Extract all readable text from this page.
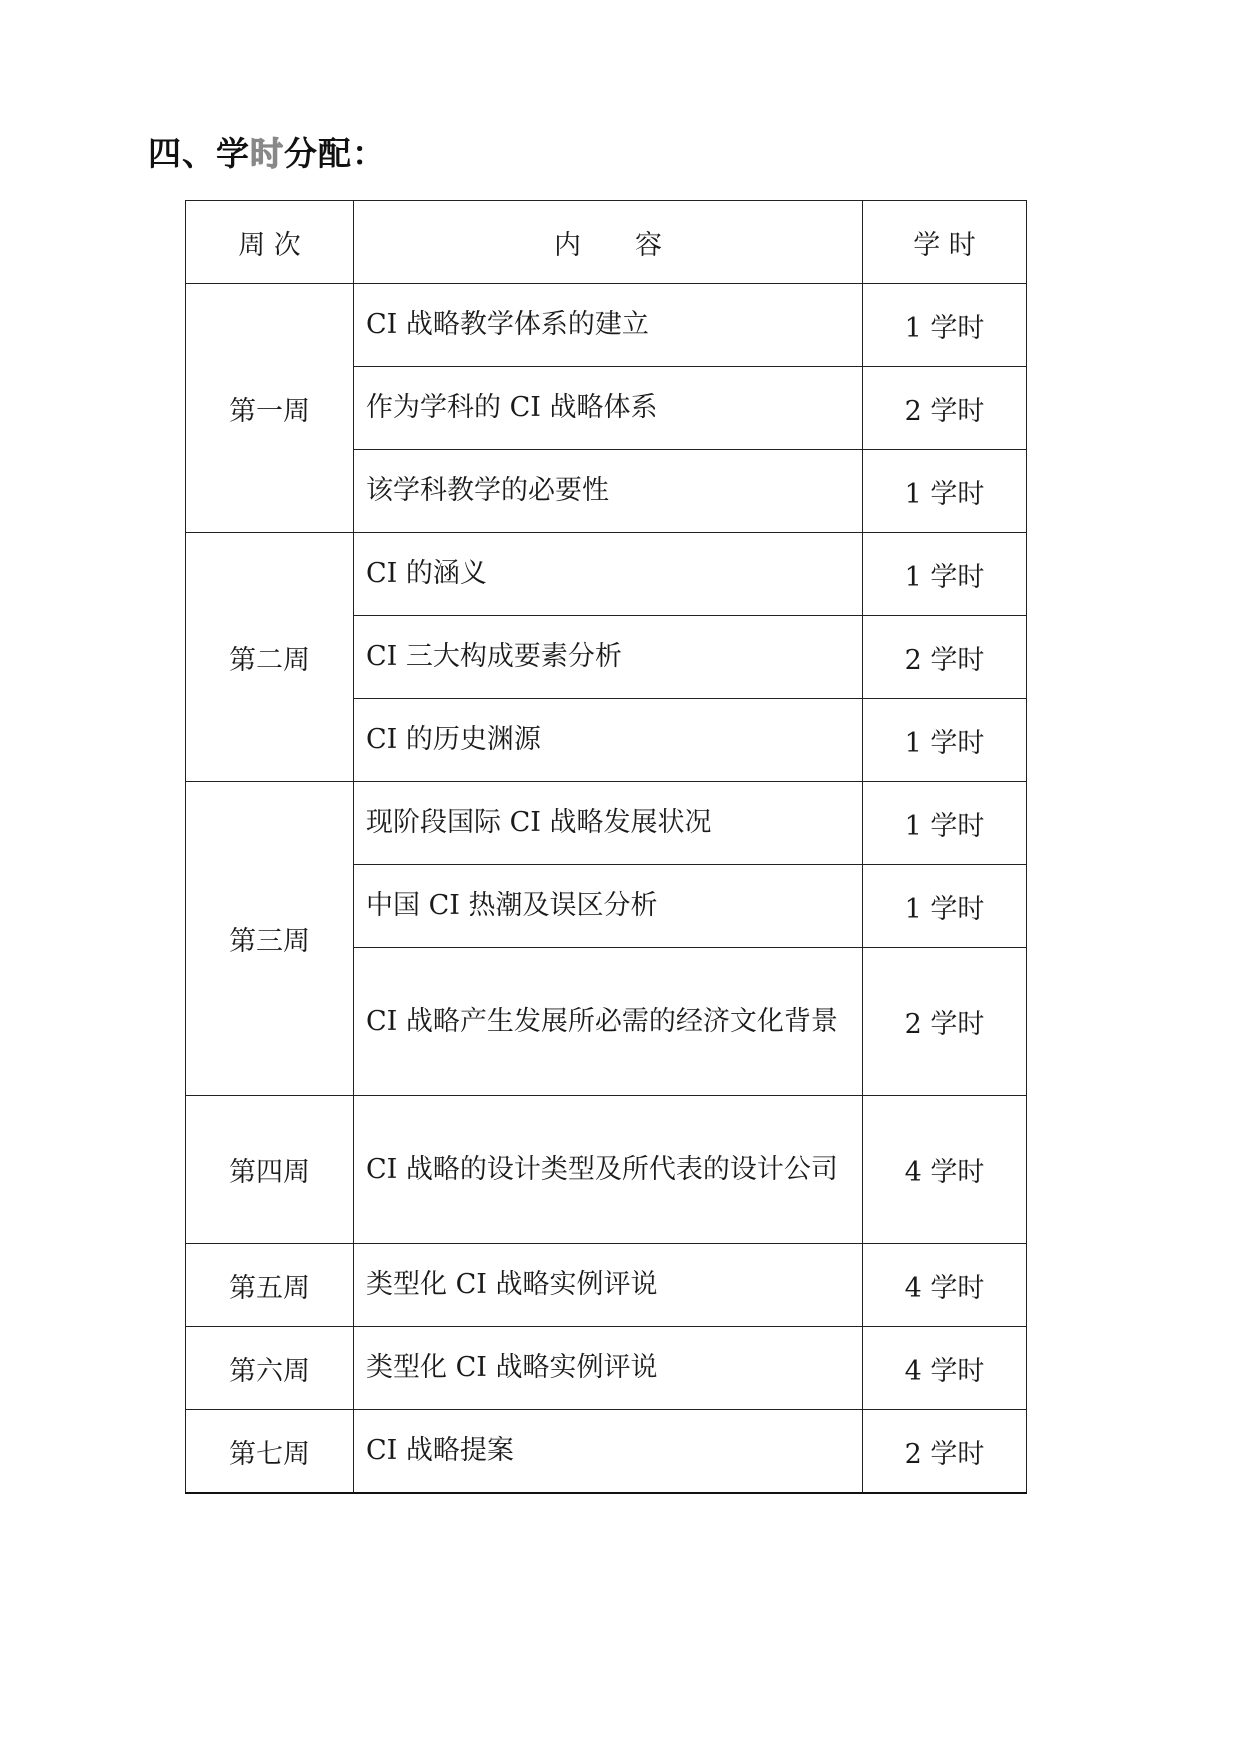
四、学时分配：
周 次	内　　容	学 时
第一周	CI 战略教学体系的建立	1 学时
	作为学科的 CI 战略体系	2 学时
	该学科教学的必要性	1 学时
第二周	CI 的涵义	1 学时
	CI 三大构成要素分析	2 学时
	CI 的历史渊源	1 学时
第三周	现阶段国际 CI 战略发展状况	1 学时
	中国 CI 热潮及误区分析	1 学时
	CI 战略产生发展所必需的经济文化背景	2 学时
第四周	CI 战略的设计类型及所代表的设计公司	4 学时
第五周	类型化 CI 战略实例评说	4 学时
第六周	类型化 CI 战略实例评说	4 学时
第七周	CI 战略提案	2 学时
